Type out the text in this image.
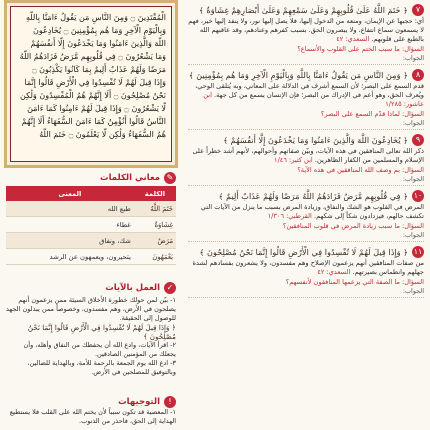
٧
﴿ خَتَمَ اللَّهُ عَلَىٰ قُلُوبِهِمْ وَعَلَىٰ سَمْعِهِمْ وَعَلَىٰ أَبْصَارِهِمْ غِشَاوَةٌ ﴾
أي: حجبها عن الإيمان، ومنعه من الدخول إليها، فلا يصل إليها نور، ولا ينفذ إليها خير، فهم لا يسمعون سماع انتفاع، ولا يبصرون الحق. بسبب كفرهم وعنادهم، وقد عاقبهم الله بالطبع على قلوبهم. السعدي: ٤٢
السؤال: ما سبب الختم على القلوب والأسماع؟
الجواب:
٨
﴿ وَمِنَ النَّاسِ مَن يَقُولُ ءَامَنَّا بِاللَّهِ وَبِالْيَوْمِ الْآخِرِ وَمَا هُم بِمُؤْمِنِينَ ﴾
قدم السمع على البصر؛ لأن السمع أشرف في الدلالة على المعاني، وبه يُتلقى الوحي، ويُعرف الحق، وهو أعم في الإدراك من البصر؛ فإن الإنسان يسمع من كل جهة. ابن عاشور: ١/٢٨٥
السؤال: لماذا قدّم السمع على البصر؟
الجواب:
٩
﴿ يُخَادِعُونَ اللَّهَ وَالَّذِينَ ءَامَنُوا وَمَا يَخْدَعُونَ إِلَّا أَنفُسَهُمْ ﴾
ذكر الله تعالى المنافقين في هذه الآيات، وبيّن صفاتهم وأحوالهم، لأنهم أشد خطراً على الإسلام والمسلمين من الكفار الظاهرين. ابن كثير: ١/٤٦
السؤال: بم وصف الله المنافقين في هذه الآية؟
الجواب:
١٠
﴿ فِي قُلُوبِهِم مَّرَضٌ فَزَادَهُمُ اللَّهُ مَرَضًا وَلَهُمْ عَذَابٌ أَلِيمٌ ﴾
المرض في القلوب هو الشك والنفاق، وزيادة المرض بسبب ما ينزل من الآيات التي تكشف حالهم، فيزدادون شكاً إلى شكهم. القرطبي: ١/٣٠٦
السؤال: ما سبب زيادة المرض في قلوب المنافقين؟
الجواب:
١١
﴿ وَإِذَا قِيلَ لَهُمْ لَا تُفْسِدُوا فِي الْأَرْضِ قَالُوا إِنَّمَا نَحْنُ مُصْلِحُونَ ﴾
من صفات المنافقين أنهم يزعمون الإصلاح وهم مفسدون، ولا يشعرون بفسادهم لشدة جهلهم وانطماس بصيرتهم. السعدي: ٤٢
السؤال: ما الصفة التي يزعمها المنافقون لأنفسهم؟
الجواب:
الْمُقْتَدِينَ ۝ وَمِنَ النَّاسِ مَن يَقُولُ ءَامَنَّا بِاللَّهِ
وَبِالْيَوْمِ الْآخِرِ وَمَا هُم بِمُؤْمِنِينَ ۝ يُخَادِعُونَ
اللَّهَ وَالَّذِينَ ءَامَنُوا وَمَا يَخْدَعُونَ إِلَّا أَنفُسَهُمْ
وَمَا يَشْعُرُونَ ۝ فِي قُلُوبِهِم مَّرَضٌ فَزَادَهُمُ اللَّهُ
مَرَضًا وَلَهُمْ عَذَابٌ أَلِيمٌ بِمَا كَانُوا يَكْذِبُونَ ۝
وَإِذَا قِيلَ لَهُمْ لَا تُفْسِدُوا فِي الْأَرْضِ قَالُوا إِنَّمَا
نَحْنُ مُصْلِحُونَ ۝ أَلَا إِنَّهُمْ هُمُ الْمُفْسِدُونَ وَلَٰكِن
لَّا يَشْعُرُونَ ۝ وَإِذَا قِيلَ لَهُمْ ءَامِنُوا كَمَا ءَامَنَ
النَّاسُ قَالُوا أَنُؤْمِنُ كَمَا ءَامَنَ السُّفَهَاءُ أَلَا إِنَّهُمْ
هُمُ السُّفَهَاءُ وَلَٰكِن لَّا يَعْلَمُونَ ۝ خَتَمَ اللَّهُ
✎
معاني الكلمات
الكلمة	المعنى
خَتَمَ اللَّهُ	طبع الله
غِشَاوَةٌ	غطاء
مَرَضٌ	شك، ونفاق
يَعْمَهُونَ	يتحيرون، ويعمهون عن الرشد
✓
العمل بالآيات
١- بيّن لمن حولك خطورة الأخلاق السيئة ممن يزعمون أنهم يصلحون في الأرض، وهم مفسدون، وخصوصاً ممن يبذلون الجهد للوصول إلى الحقيقة.
﴿ وَإِذَا قِيلَ لَهُمْ لَا تُفْسِدُوا فِي الْأَرْضِ قَالُوا إِنَّمَا نَحْنُ مُصْلِحُونَ ﴾
٢- اقرأ الآيات، وادع الله أن يحفظك من النفاق وأهله، وأن يجعلك من المؤمنين الصادقين.
٣- ادع الله يوم الجمعة بالرحمة للأمة، وبالهداية للضالين، وبالتوفيق للمصلحين في الأرض.
!
التوجيهات
١- المعصية قد تكون سبباً لأن يختم الله على القلب فلا يستطيع الهداية إلى الحق، فاحذر من الذنوب.
